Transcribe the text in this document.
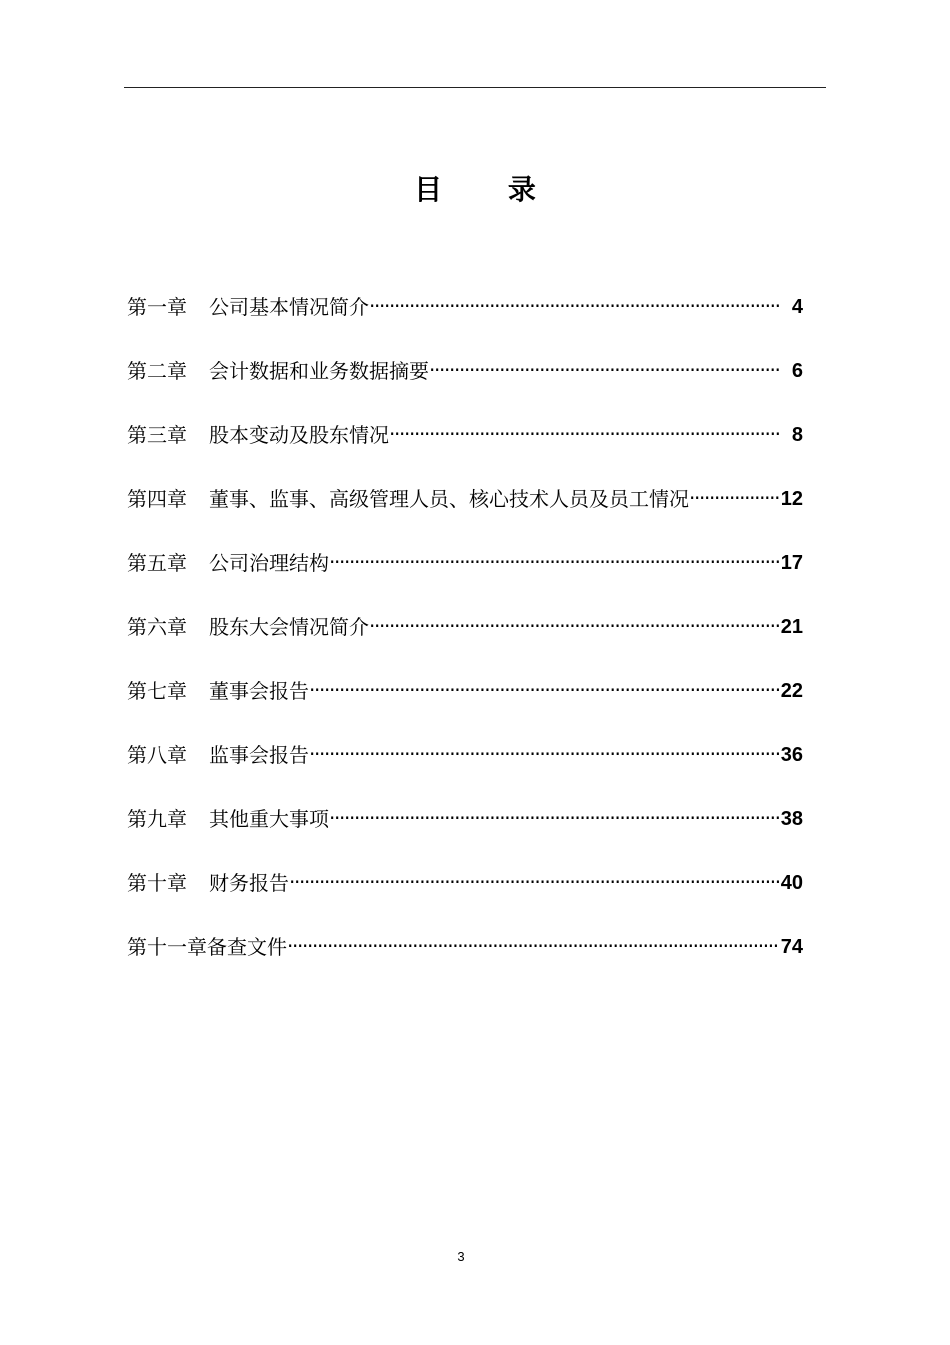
目 录
第一章 公司基本情况简介 ·····	4
第二章 会计数据和业务数据摘要 ·····	6
第三章 股本变动及股东情况 ·····	8
第四章 董事、监事、高级管理人员、核心技术人员及员工情况 ·····	12
第五章 公司治理结构 ·····	17
第六章 股东大会情况简介 ·····	21
第七章 董事会报告 ·····	22
第八章 监事会报告 ·····	36
第九章 其他重大事项 ·····	38
第十章 财务报告 ·····	40
第十一章 备查文件 ·····	74
3
